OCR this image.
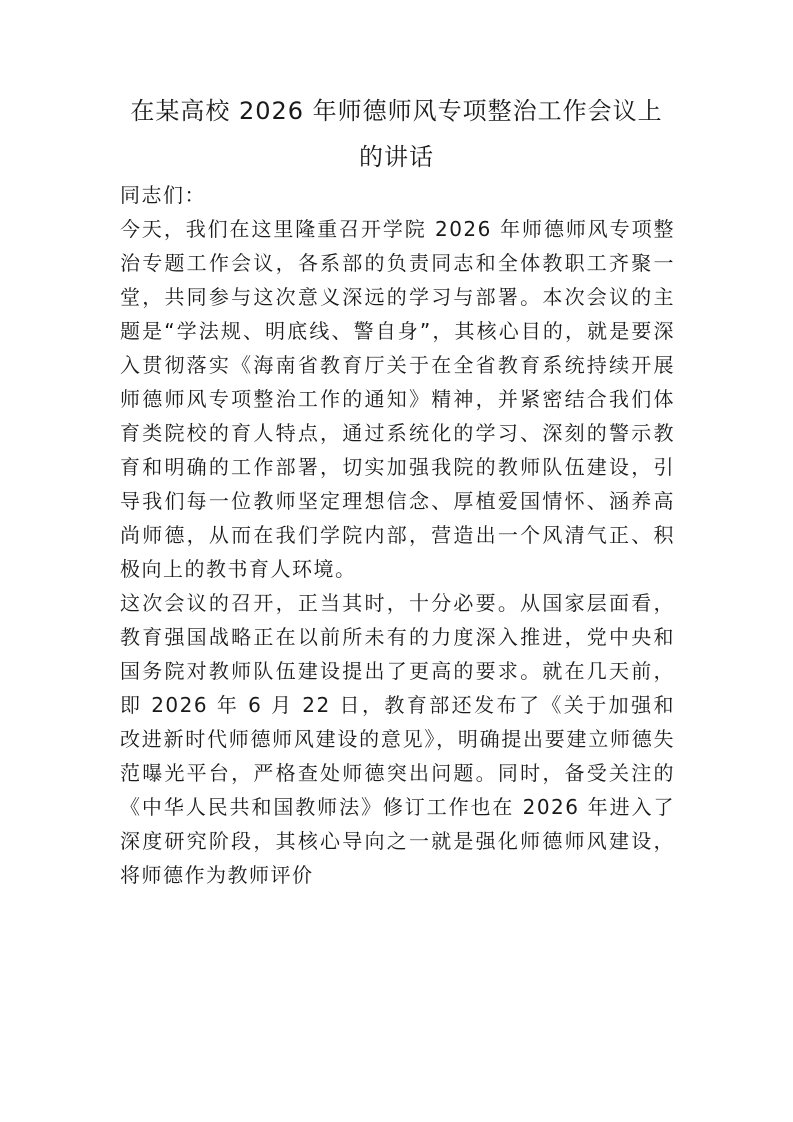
在某高校 2026 年师德师风专项整治工作会议上的讲话

同志们：

今天，我们在这里隆重召开学院 2026 年师德师风专项整治专题工作会议，各系部的负责同志和全体教职工齐聚一堂，共同参与这次意义深远的学习与部署。本次会议的主题是“学法规、明底线、警自身”，其核心目的，就是要深入贯彻落实《海南省教育厅关于在全省教育系统持续开展师德师风专项整治工作的通知》精神，并紧密结合我们体育类院校的育人特点，通过系统化的学习、深刻的警示教育和明确的工作部署，切实加强我院的教师队伍建设，引导我们每一位教师坚定理想信念、厚植爱国情怀、涵养高尚师德，从而在我们学院内部，营造出一个风清气正、积极向上的教书育人环境。

这次会议的召开，正当其时，十分必要。从国家层面看，教育强国战略正在以前所未有的力度深入推进，党中央和国务院对教师队伍建设提出了更高的要求。就在几天前，即 2026 年 6 月 22 日，教育部还发布了《关于加强和改进新时代师德师风建设的意见》，明确提出要建立师德失范曝光平台，严格查处师德突出问题。同时，备受关注的《中华人民共和国教师法》修订工作也在 2026 年进入了深度研究阶段，其核心导向之一就是强化师德师风建设，将师德作为教师评价
